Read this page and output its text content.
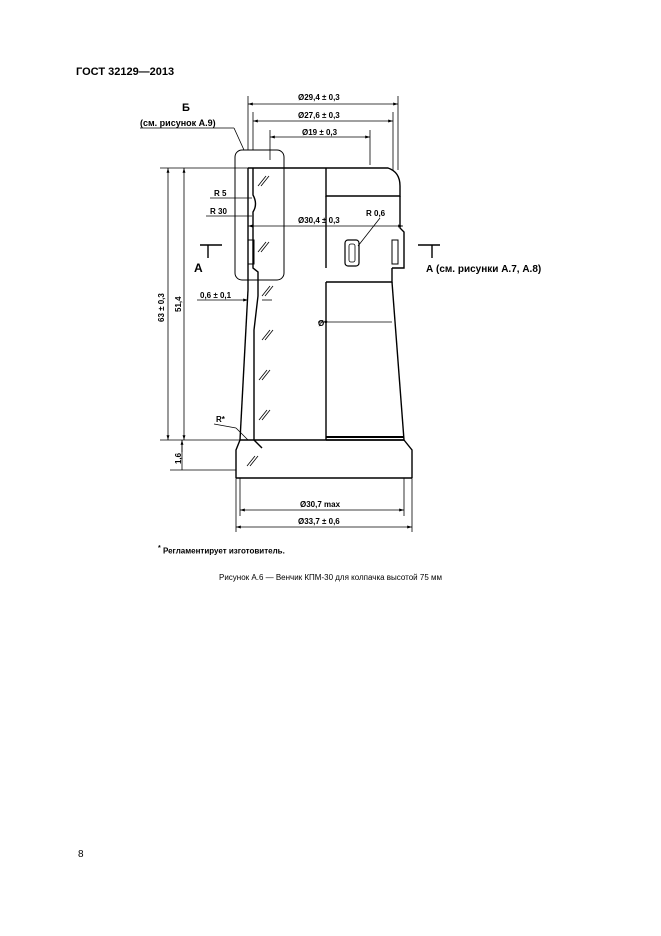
ГОСТ 32129—2013
Ø29,4 ± 0,3
Ø27,6 ± 0,3
Ø19 ± 0,3
Ø30,4 ± 0,3
Б
(см. рисунок А.9)
А	А (см. рисунки А.7, А.8)
63 ± 0,3 51,4
1,6
0,6 ± 0,1
R 5
R 30	R 0,6
R*
Ø*
Ø30,7 max
Ø33,7 ± 0,6
* Регламентирует изготовитель.
Рисунок А.6 — Венчик КПМ-30 для колпачка высотой 75 мм
8
